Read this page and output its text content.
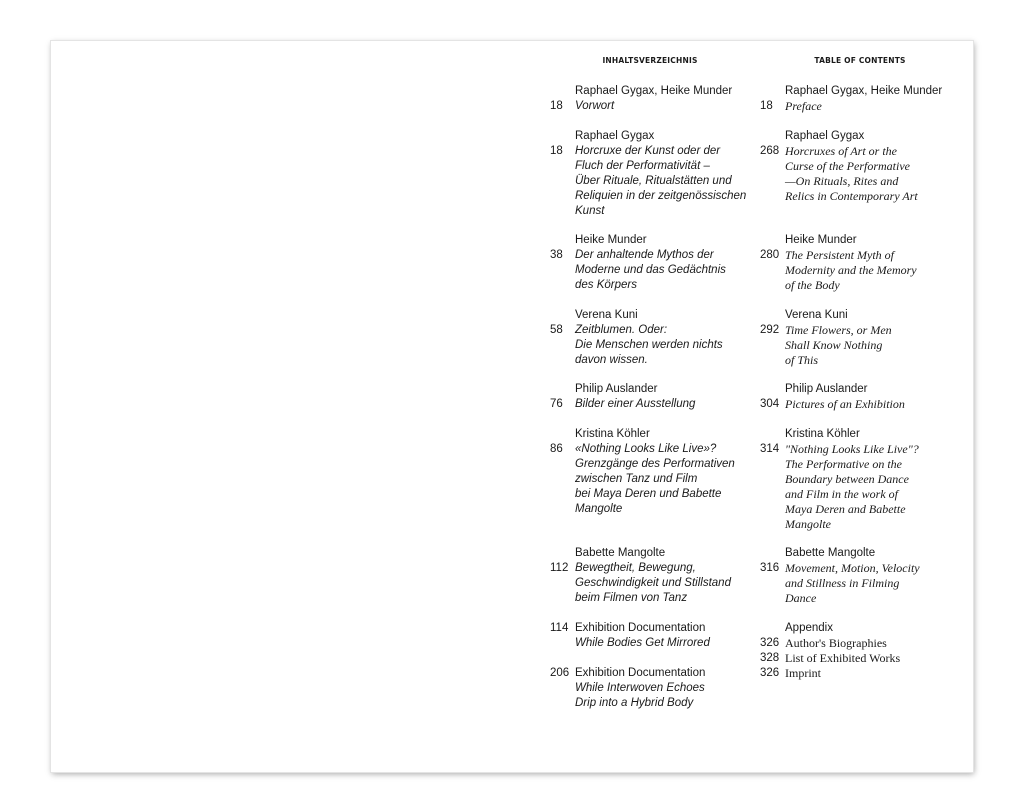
INHALTSVERZEICHNIS
Raphael Gygax, Heike Munder
18	Vorwort
Raphael Gygax
18	Horcruxe der Kunst oder der
Fluch der Performativität –
Über Rituale, Ritualstätten und
Reliquien in der zeitgenössischen
Kunst
Heike Munder
38	Der anhaltende Mythos der
Moderne und das Gedächtnis
des Körpers
Verena Kuni
58	Zeitblumen. Oder:
Die Menschen werden nichts
davon wissen.
Philip Auslander
76	Bilder einer Ausstellung
Kristina Köhler
86	«Nothing Looks Like Live»?
Grenzgänge des Performativen
zwischen Tanz und Film
bei Maya Deren und Babette
Mangolte
Babette Mangolte
112 Bewegtheit, Bewegung,
Geschwindigkeit und Stillstand
beim Filmen von Tanz
114 Exhibition Documentation
While Bodies Get Mirrored
206 Exhibition Documentation
While Interwoven Echoes
Drip into a Hybrid Body
TABLE OF CONTENTS
Raphael Gygax, Heike Munder
18	Preface
Raphael Gygax
268 Horcruxes of Art or the
Curse of the Performative
—On Rituals, Rites and
Relics in Contemporary Art
Heike Munder
280 The Persistent Myth of
Modernity and the Memory
of the Body
Verena Kuni
292 Time Flowers, or Men
Shall Know Nothing
of This
Philip Auslander
304 Pictures of an Exhibition
Kristina Köhler
314 "Nothing Looks Like Live"?
The Performative on the
Boundary between Dance
and Film in the work of
Maya Deren and Babette
Mangolte
Babette Mangolte
316 Movement, Motion, Velocity
and Stillness in Filming
Dance
Appendix
326 Author's Biographies
328 List of Exhibited Works
326 Imprint
